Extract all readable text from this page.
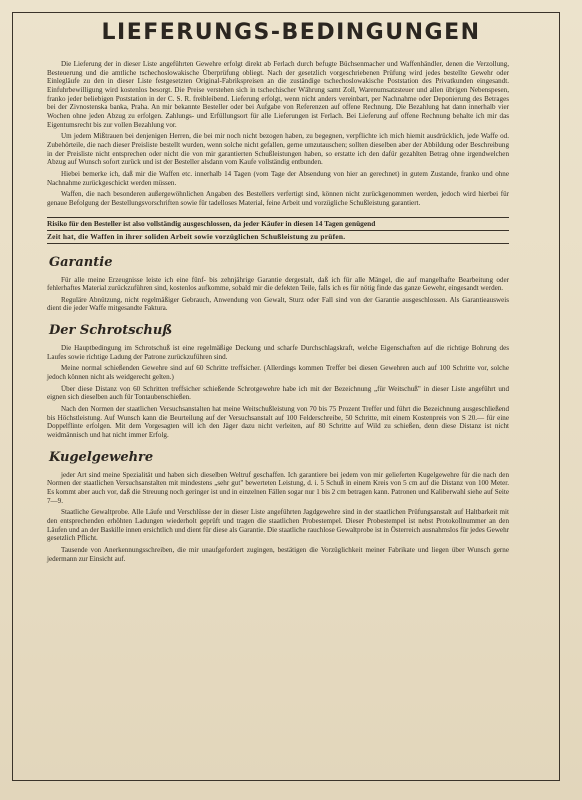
LIEFERUNGS-BEDINGUNGEN

Die Lieferung der in dieser Liste angeführten Gewehre erfolgt direkt ab Ferlach durch befugte Büchsenmacher und Waffenhändler, denen die Verzollung, Besteuerung und die amtliche tschechoslowakische Überprüfung obliegt. Nach der gesetzlich vorgeschriebenen Prüfung wird jedes bestellte Gewehr oder Einlegläufe zu den in dieser Liste festgesetzten Original-Fabrikspreisen an die zuständige tschechoslowakische Poststation des Privatkunden eingesandt. Einfuhrbewilligung wird kostenlos besorgt. Die Preise verstehen sich in tschechischer Währung samt Zoll, Warenumsatzsteuer und allen übrigen Nebenspesen, franko jeder beliebigen Poststation in der C. S. R. freibleibend. Lieferung erfolgt, wenn nicht anders vereinbart, per Nachnahme oder Deponierung des Betrages bei der Zivnostenska banka, Praha. An mir bekannte Besteller oder bei Aufgabe von Referenzen auf offene Rechnung. Die Bezahlung hat dann innerhalb vier Wochen ohne jeden Abzug zu erfolgen. Zahlungs- und Erfüllungsort für alle Lieferungen ist Ferlach. Bei Lieferung auf offene Rechnung behalte ich mir das Eigentumsrecht bis zur vollen Bezahlung vor.

Um jedem Mißtrauen bei denjenigen Herren, die bei mir noch nicht bezogen haben, zu begegnen, verpflichte ich mich hiemit ausdrücklich, jede Waffe od. Zubehörteile, die nach dieser Preisliste bestellt wurden, wenn solche nicht gefallen, gerne umzutauschen; sollten dieselben aber der Abbildung oder Beschreibung in der Preisliste nicht entsprechen oder nicht die von mir garantierten Schußleistungen haben, so erstatte ich den dafür gezahlten Betrag ohne irgendwelchen Abzug auf Wunsch sofort zurück und ist der Besteller alsdann vom Kaufe vollständig entbunden.

Hiebei bemerke ich, daß mir die Waffen etc. innerhalb 14 Tagen (vom Tage der Absendung von hier an gerechnet) in gutem Zustande, franko und ohne Nachnahme zurückgeschickt werden müssen.

Waffen, die nach besonderen außergewöhnlichen Angaben des Bestellers verfertigt sind, können nicht zurückgenommen werden, jedoch wird hierbei für genaue Befolgung der Bestellungsvorschriften sowie für tadelloses Material, feine Arbeit und vorzügliche Schußleistung garantiert.

Risiko für den Besteller ist also vollständig ausgeschlossen, da jeder Käufer in diesen 14 Tagen genügend
Zeit hat, die Waffen in ihrer soliden Arbeit sowie vorzüglichen Schußleistung zu prüfen.
Garantie

Für alle meine Erzeugnisse leiste ich eine fünf- bis zehnjährige Garantie dergestalt, daß ich für alle Mängel, die auf mangelhafte Bearbeitung oder fehlerhaftes Material zurückzuführen sind, kostenlos aufkomme, sobald mir die defekten Teile, falls ich es für nötig finde das ganze Gewehr, eingesandt werden.

Reguläre Abnützung, nicht regelmäßiger Gebrauch, Anwendung von Gewalt, Sturz oder Fall sind von der Garantie ausgeschlossen. Als Garantieausweis dient die jeder Waffe mitgesandte Faktura.

Der Schrotschuß

Die Hauptbedingung im Schrotschuß ist eine regelmäßige Deckung und scharfe Durchschlagskraft, welche Eigenschaften auf die richtige Bohrung des Laufes sowie richtige Ladung der Patrone zurückzuführen sind.

Meine normal schießenden Gewehre sind auf 60 Schritte treffsicher. (Allerdings kommen Treffer bei diesen Gewehren auch auf 100 Schritte vor, solche jedoch können nicht als weidgerecht gelten.)

Über diese Distanz von 60 Schritten treffsicher schießende Schrotgewehre habe ich mit der Bezeichnung „für Weitschuß" in dieser Liste angeführt und eignen sich dieselben auch für Tontaubenschießen.

Nach den Normen der staatlichen Versuchsanstalten hat meine Weitschußleistung von 70 bis 75 Prozent Treffer und führt die Bezeichnung ausgeschließend bis Höchstleistung. Auf Wunsch kann die Beurteilung auf der Versuchsanstalt auf 100 Felderschreibe, 50 Schritte, mit einem Kostenpreis von S 20.— für eine Doppelflinte erfolgen. Mit dem Vorgesagten will ich den Jäger dazu nicht verleiten, auf 80 Schritte auf Wild zu schießen, denn diese Distanz ist nicht weidmännisch und hat nicht immer Erfolg.

Kugelgewehre

jeder Art sind meine Spezialität und haben sich dieselben Weltruf geschaffen. Ich garantiere bei jedem von mir gelieferten Kugelgewehre für die nach den Normen der staatlichen Versuchsanstalten mit mindestens „sehr gut" bewerteten Leistung, d. i. 5 Schuß in einem Kreis von 5 cm auf die Distanz von 100 Meter. Es kommt aber auch vor, daß die Streuung noch geringer ist und in einzelnen Fällen sogar nur 1 bis 2 cm betragen kann. Patronen und Kaliberwahl siehe auf Seite 7—9.

Staatliche Gewaltprobe. Alle Läufe und Verschlüsse der in dieser Liste angeführten Jagdgewehre sind in der staatlichen Prüfungsanstalt auf Haltbarkeit mit den entsprechenden erhöhten Ladungen wiederholt geprüft und tragen die staatlichen Probestempel. Dieser Probestempel ist nebst Protokollnummer an den Läufen und an der Baskille innen ersichtlich und dient für diese als Garantie. Die staatliche rauchlose Gewaltprobe ist in Österreich ausnahmslos für jedes Gewehr gesetzlich Pflicht.

Tausende von Anerkennungsschreiben, die mir unaufgefordert zugingen, bestätigen die Vorzüglichkeit meiner Fabrikate und liegen über Wunsch gerne jedermann zur Einsicht auf.
